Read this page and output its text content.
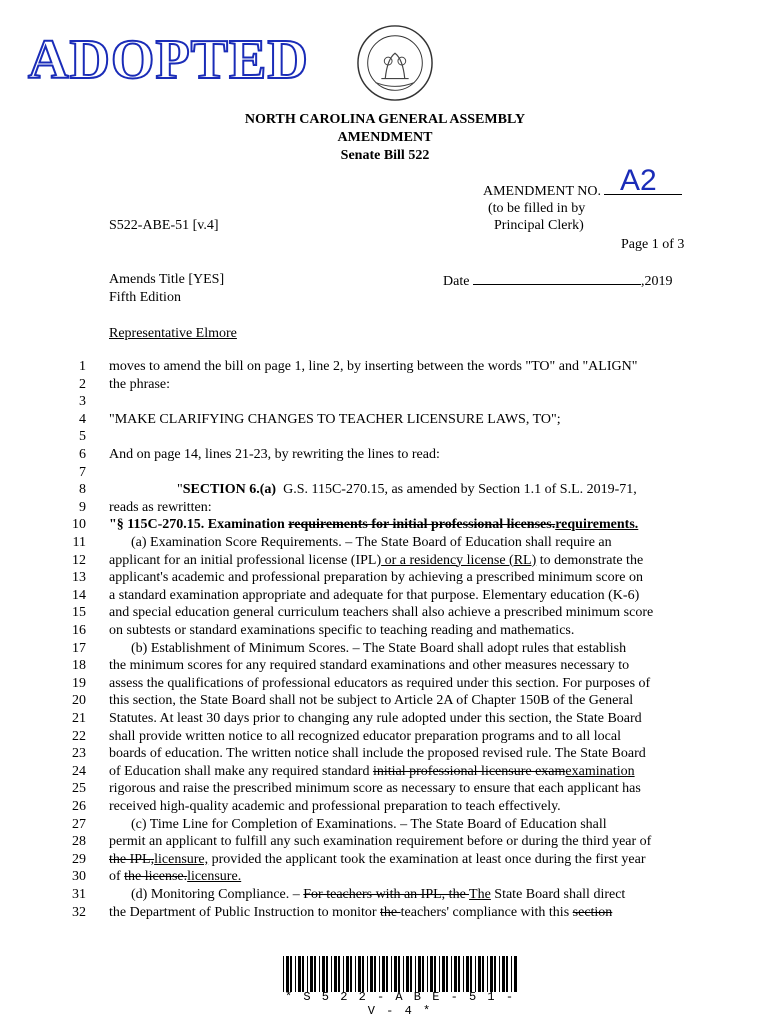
ADOPTED
NORTH CAROLINA GENERAL ASSEMBLY
AMENDMENT
Senate Bill 522
AMENDMENT NO. A2
(to be filled in by
Principal Clerk)
S522-ABE-51 [v.4]
Page 1 of 3
Amends Title [YES]
Fifth Edition
Date	,2019
Representative Elmore
1 moves to amend the bill on page 1, line 2, by inserting between the words "TO" and "ALIGN"
2 the phrase:
3
4 "MAKE CLARIFYING CHANGES TO TEACHER LICENSURE LAWS, TO";
5
6 And on page 14, lines 21-23, by rewriting the lines to read:
7
8	"SECTION 6.(a) G.S. 115C-270.15, as amended by Section 1.1 of S.L. 2019-71,
9 reads as rewritten:
10 "§ 115C-270.15. Examination requirements for initial professional licenses.requirements.
11	(a) Examination Score Requirements. – The State Board of Education shall require an
12 applicant for an initial professional license (IPL) or a residency license (RL) to demonstrate the
13 applicant's academic and professional preparation by achieving a prescribed minimum score on
14 a standard examination appropriate and adequate for that purpose. Elementary education (K-6)
15 and special education general curriculum teachers shall also achieve a prescribed minimum score
16 on subtests or standard examinations specific to teaching reading and mathematics.
17	(b) Establishment of Minimum Scores. – The State Board shall adopt rules that establish
18 the minimum scores for any required standard examinations and other measures necessary to
19 assess the qualifications of professional educators as required under this section. For purposes of
20 this section, the State Board shall not be subject to Article 2A of Chapter 150B of the General
21 Statutes. At least 30 days prior to changing any rule adopted under this section, the State Board
22 shall provide written notice to all recognized educator preparation programs and to all local
23 boards of education. The written notice shall include the proposed revised rule. The State Board
24 of Education shall make any required standard initial professional licensure examexamination
25 rigorous and raise the prescribed minimum score as necessary to ensure that each applicant has
26 received high-quality academic and professional preparation to teach effectively.
27	(c) Time Line for Completion of Examinations. – The State Board of Education shall
28 permit an applicant to fulfill any such examination requirement before or during the third year of
29 the IPL,licensure, provided the applicant took the examination at least once during the first year
30 of the license.licensure.
31	(d) Monitoring Compliance. – For teachers with an IPL, the The State Board shall direct
32 the Department of Public Instruction to monitor the teachers' compliance with this section
* S 5 2 2 - A B E - 5 1 - V - 4 *
